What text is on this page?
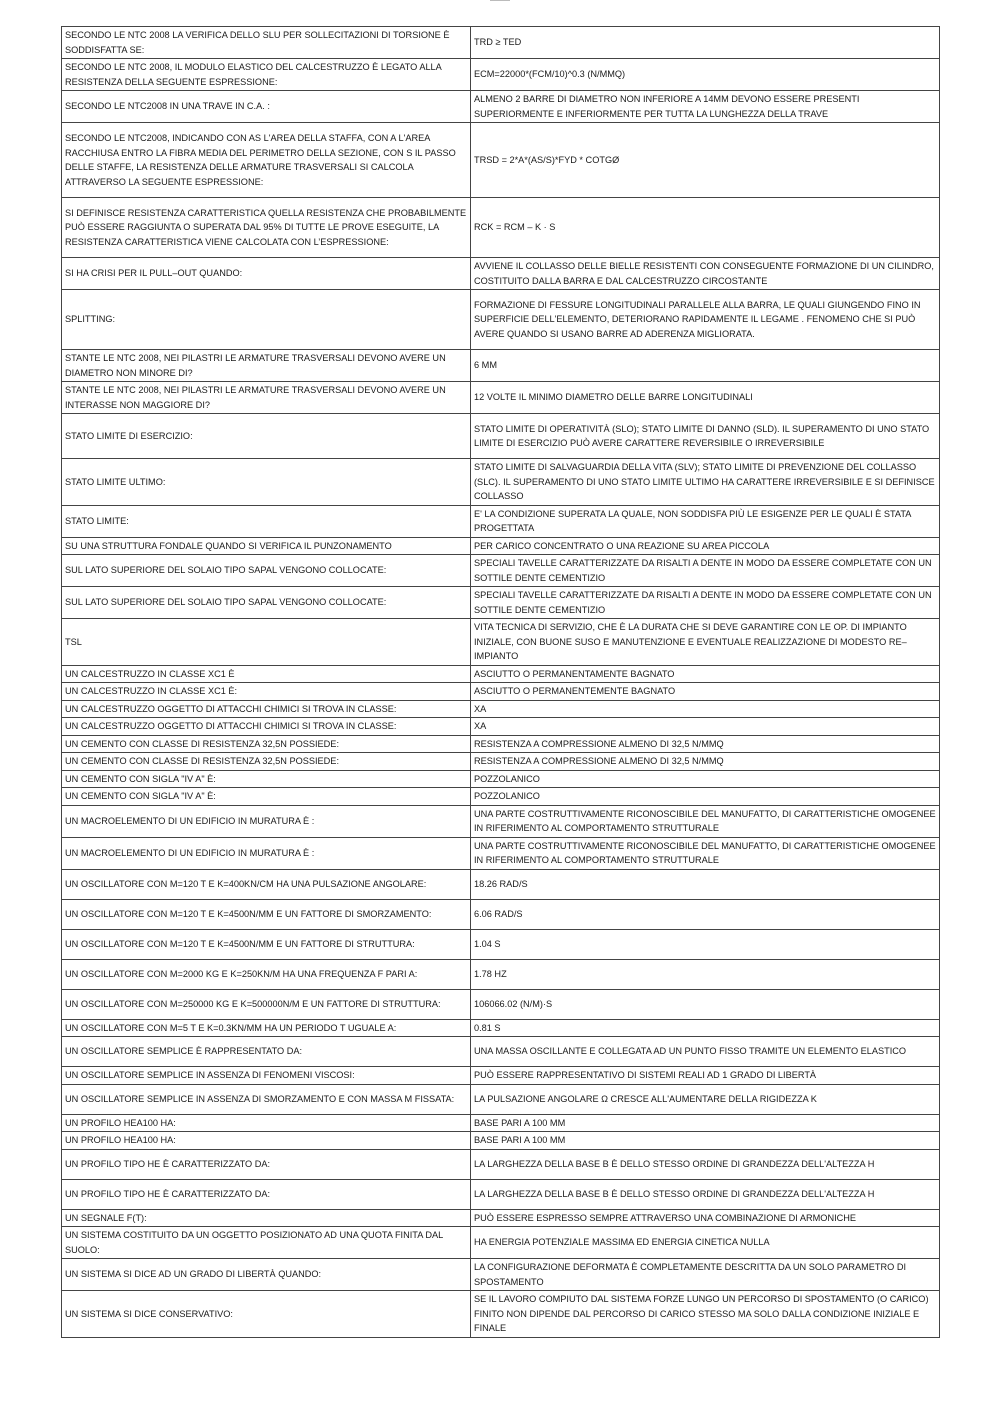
SECONDO LE NTC 2008 LA VERIFICA DELLO SLU PER SOLLECITAZIONI DI TORSIONE È SODDISFATTA SE:	TRD ≥ TED
SECONDO LE NTC 2008, IL MODULO ELASTICO DEL CALCESTRUZZO È LEGATO ALLA RESISTENZA DELLA SEGUENTE ESPRESSIONE:	ECM=22000*(FCM/10)^0.3 (N/MMQ)
SECONDO LE NTC2008 IN UNA TRAVE IN C.A. :	ALMENO 2 BARRE DI DIAMETRO NON INFERIORE A 14MM DEVONO ESSERE PRESENTI SUPERIORMENTE E INFERIORMENTE PER TUTTA LA LUNGHEZZA DELLA TRAVE
SECONDO LE NTC2008, INDICANDO CON AS L'AREA DELLA STAFFA, CON A L'AREA RACCHIUSA ENTRO LA FIBRA MEDIA DEL PERIMETRO DELLA SEZIONE, CON S IL PASSO DELLE STAFFE, LA RESISTENZA DELLE ARMATURE TRASVERSALI SI CALCOLA ATTRAVERSO LA SEGUENTE ESPRESSIONE:	TRSD = 2*A*(AS/S)*FYD * COTGØ
SI DEFINISCE RESISTENZA CARATTERISTICA QUELLA RESISTENZA CHE PROBABILMENTE PUÒ ESSERE RAGGIUNTA O SUPERATA DAL 95% DI TUTTE LE PROVE ESEGUITE, LA RESISTENZA CARATTERISTICA VIENE CALCOLATA CON L’ESPRESSIONE:	RCK = RCM – K · S
SI HA CRISI PER IL PULL–OUT QUANDO:	AVVIENE IL COLLASSO DELLE BIELLE RESISTENTI CON CONSEGUENTE FORMAZIONE DI UN CILINDRO, COSTITUITO DALLA BARRA E DAL CALCESTRUZZO CIRCOSTANTE
SPLITTING:	FORMAZIONE DI FESSURE LONGITUDINALI PARALLELE ALLA BARRA, LE QUALI GIUNGENDO FINO IN SUPERFICIE DELL'ELEMENTO, DETERIORANO RAPIDAMENTE IL LEGAME . FENOMENO CHE SI PUÒ AVERE QUANDO SI USANO BARRE AD ADERENZA MIGLIORATA.
STANTE LE NTC 2008, NEI PILASTRI LE ARMATURE TRASVERSALI DEVONO AVERE UN DIAMETRO NON MINORE DI?	6 MM
STANTE LE NTC 2008, NEI PILASTRI LE ARMATURE TRASVERSALI DEVONO AVERE UN INTERASSE NON MAGGIORE DI?	12 VOLTE IL MINIMO DIAMETRO DELLE BARRE LONGITUDINALI
STATO LIMITE DI ESERCIZIO:	STATO LIMITE DI OPERATIVITÀ (SLO); STATO LIMITE DI DANNO (SLD). IL SUPERAMENTO DI UNO STATO LIMITE DI ESERCIZIO PUÒ AVERE CARATTERE REVERSIBILE O IRREVERSIBILE
STATO LIMITE ULTIMO:	STATO LIMITE DI SALVAGUARDIA DELLA VITA (SLV); STATO LIMITE DI PREVENZIONE DEL COLLASSO (SLC). IL SUPERAMENTO DI UNO STATO LIMITE ULTIMO HA CARATTERE IRREVERSIBILE E SI DEFINISCE COLLASSO
STATO LIMITE:	E' LA CONDIZIONE SUPERATA LA QUALE, NON SODDISFA PIÙ LE ESIGENZE PER LE QUALI È STATA PROGETTATA
SU UNA STRUTTURA FONDALE QUANDO SI VERIFICA IL PUNZONAMENTO	PER CARICO CONCENTRATO O UNA REAZIONE SU AREA PICCOLA
SUL LATO SUPERIORE DEL SOLAIO TIPO SAPAL VENGONO COLLOCATE:	SPECIALI TAVELLE CARATTERIZZATE DA RISALTI A DENTE IN MODO DA ESSERE COMPLETATE CON UN SOTTILE DENTE CEMENTIZIO
SUL LATO SUPERIORE DEL SOLAIO TIPO SAPAL VENGONO COLLOCATE:	SPECIALI TAVELLE CARATTERIZZATE DA RISALTI A DENTE IN MODO DA ESSERE COMPLETATE CON UN SOTTILE DENTE CEMENTIZIO
TSL	VITA TECNICA DI SERVIZIO, CHE È LA DURATA CHE SI DEVE GARANTIRE CON LE OP. DI IMPIANTO INIZIALE, CON BUONE SUSO E MANUTENZIONE E EVENTUALE REALIZZAZIONE DI MODESTO RE–IMPIANTO
UN CALCESTRUZZO IN CLASSE XC1 È	ASCIUTTO O PERMANENTAMENTE BAGNATO
UN CALCESTRUZZO IN CLASSE XC1 È:	ASCIUTTO O PERMANENTEMENTE BAGNATO
UN CALCESTRUZZO OGGETTO DI ATTACCHI CHIMICI SI TROVA IN CLASSE:	XA
UN CALCESTRUZZO OGGETTO DI ATTACCHI CHIMICI SI TROVA IN CLASSE:	XA
UN CEMENTO CON CLASSE DI RESISTENZA 32,5N POSSIEDE:	RESISTENZA A COMPRESSIONE ALMENO DI 32,5 N/MMQ
UN CEMENTO CON CLASSE DI RESISTENZA 32,5N POSSIEDE:	RESISTENZA A COMPRESSIONE ALMENO DI 32,5 N/MMQ
UN CEMENTO CON SIGLA "IV A" È:	POZZOLANICO
UN CEMENTO CON SIGLA "IV A" È:	POZZOLANICO
UN MACROELEMENTO DI UN EDIFICIO IN MURATURA È :	UNA PARTE COSTRUTTIVAMENTE RICONOSCIBILE DEL MANUFATTO, DI CARATTERISTICHE OMOGENEE IN RIFERIMENTO AL COMPORTAMENTO STRUTTURALE
UN MACROELEMENTO DI UN EDIFICIO IN MURATURA È :	UNA PARTE COSTRUTTIVAMENTE RICONOSCIBILE DEL MANUFATTO, DI CARATTERISTICHE OMOGENEE IN RIFERIMENTO AL COMPORTAMENTO STRUTTURALE
UN OSCILLATORE CON M=120 T E K=400KN/CM HA UNA PULSAZIONE ANGOLARE:	18.26 RAD/S
UN OSCILLATORE CON M=120 T E K=4500N/MM E UN FATTORE DI SMORZAMENTO:	6.06 RAD/S
UN OSCILLATORE CON M=120 T E K=4500N/MM E UN FATTORE DI STRUTTURA:	1.04 S
UN OSCILLATORE CON M=2000 KG E K=250KN/M HA UNA FREQUENZA F PARI A:	1.78 HZ
UN OSCILLATORE CON M=250000 KG E K=500000N/M E UN FATTORE DI STRUTTURA:	106066.02 (N/M)·S
UN OSCILLATORE CON M=5 T E K=0.3KN/MM HA UN PERIODO T UGUALE A:	0.81 S
UN OSCILLATORE SEMPLICE È RAPPRESENTATO DA:	UNA MASSA OSCILLANTE E COLLEGATA AD UN PUNTO FISSO TRAMITE UN ELEMENTO ELASTICO
UN OSCILLATORE SEMPLICE IN ASSENZA DI FENOMENI VISCOSI:	PUÒ ESSERE RAPPRESENTATIVO DI SISTEMI REALI AD 1 GRADO DI LIBERTÀ
UN OSCILLATORE SEMPLICE IN ASSENZA DI SMORZAMENTO E CON MASSA M FISSATA:	LA PULSAZIONE ANGOLARE Ω CRESCE ALL'AUMENTARE DELLA RIGIDEZZA K
UN PROFILO HEA100 HA:	BASE PARI A 100 MM
UN PROFILO HEA100 HA:	BASE PARI A 100 MM
UN PROFILO TIPO HE È CARATTERIZZATO DA:	LA LARGHEZZA DELLA BASE B È DELLO STESSO ORDINE DI GRANDEZZA DELL'ALTEZZA H
UN PROFILO TIPO HE È CARATTERIZZATO DA:	LA LARGHEZZA DELLA BASE B È DELLO STESSO ORDINE DI GRANDEZZA DELL'ALTEZZA H
UN SEGNALE F(T):	PUÒ ESSERE ESPRESSO SEMPRE ATTRAVERSO UNA COMBINAZIONE DI ARMONICHE
UN SISTEMA COSTITUITO DA UN OGGETTO POSIZIONATO AD UNA QUOTA FINITA DAL SUOLO:	HA ENERGIA POTENZIALE MASSIMA ED ENERGIA CINETICA NULLA
UN SISTEMA SI DICE AD UN GRADO DI LIBERTÀ QUANDO:	LA CONFIGURAZIONE DEFORMATA È COMPLETAMENTE DESCRITTA DA UN SOLO PARAMETRO DI SPOSTAMENTO
UN SISTEMA SI DICE CONSERVATIVO:	SE IL LAVORO COMPIUTO DAL SISTEMA FORZE LUNGO UN PERCORSO DI SPOSTAMENTO (O CARICO) FINITO NON DIPENDE DAL PERCORSO DI CARICO STESSO MA SOLO DALLA CONDIZIONE INIZIALE E FINALE
